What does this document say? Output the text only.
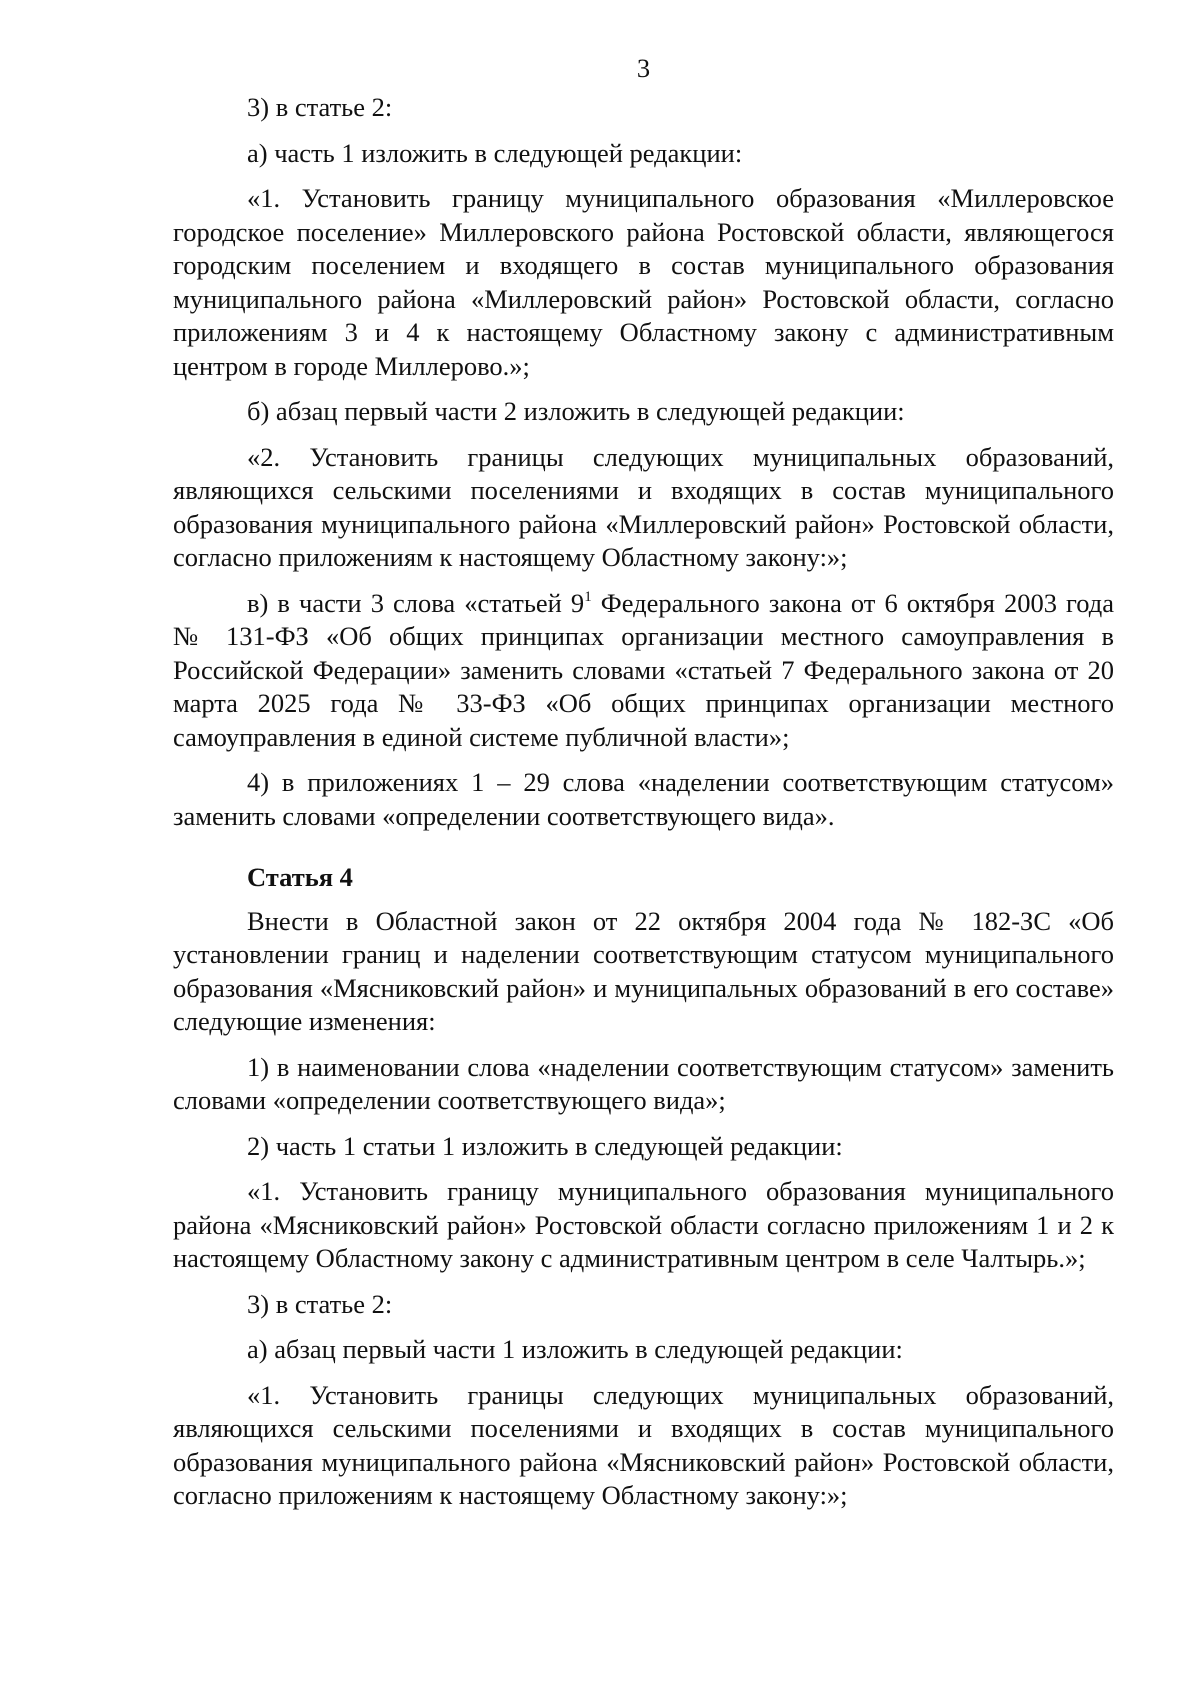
3

3) в статье 2:

а) часть 1 изложить в следующей редакции:

«1. Установить границу муниципального образования «Миллеровское городское поселение» Миллеровского района Ростовской области, являющегося городским поселением и входящего в состав муниципального образования муниципального района «Миллеровский район» Ростовской области, согласно приложениям 3 и 4 к настоящему Областному закону с административным центром в городе Миллерово.»;

б) абзац первый части 2 изложить в следующей редакции:

«2. Установить границы следующих муниципальных образований, являющихся сельскими поселениями и входящих в состав муниципального образования муниципального района «Миллеровский район» Ростовской области, согласно приложениям к настоящему Областному закону:»;

в) в части 3 слова «статьей $9^1$ Федерального закона от 6 октября 2003 года № 131-ФЗ «Об общих принципах организации местного самоуправления в Российской Федерации» заменить словами «статьей 7 Федерального закона от 20 марта 2025 года № 33-ФЗ «Об общих принципах организации местного самоуправления в единой системе публичной власти»;

4) в приложениях 1 – 29 слова «наделении соответствующим статусом» заменить словами «определении соответствующего вида».

Статья 4

Внести в Областной закон от 22 октября 2004 года № 182-ЗС «Об установлении границ и наделении соответствующим статусом муниципального образования «Мясниковский район» и муниципальных образований в его составе» следующие изменения:

1) в наименовании слова «наделении соответствующим статусом» заменить словами «определении соответствующего вида»;

2) часть 1 статьи 1 изложить в следующей редакции:

«1. Установить границу муниципального образования муниципального района «Мясниковский район» Ростовской области согласно приложениям 1 и 2 к настоящему Областному закону с административным центром в селе Чалтырь.»;

3) в статье 2:

а) абзац первый части 1 изложить в следующей редакции:

«1. Установить границы следующих муниципальных образований, являющихся сельскими поселениями и входящих в состав муниципального образования муниципального района «Мясниковский район» Ростовской области, согласно приложениям к настоящему Областному закону:»;
